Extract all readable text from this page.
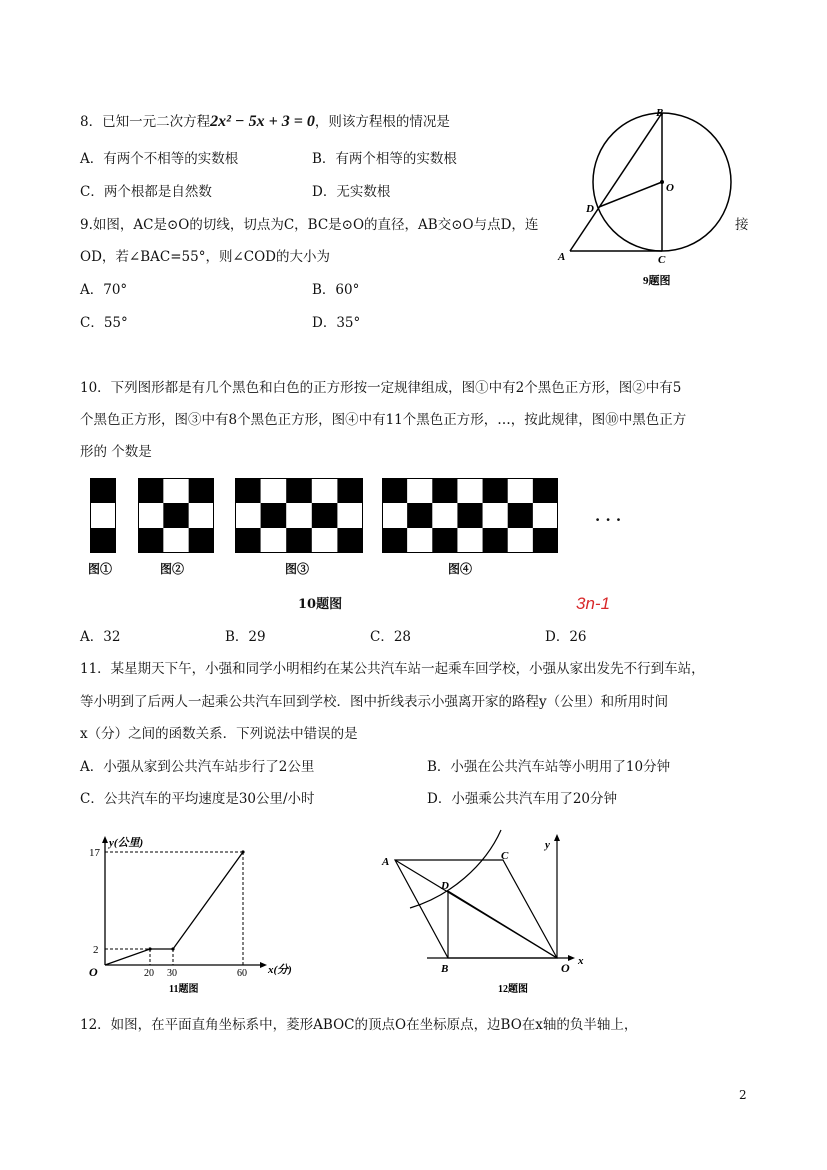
8．已知一元二次方程2x² − 5x + 3 = 0，则该方程根的情况是
A．有两个不相等的实数根	B．有两个相等的实数根
C．两个根都是自然数	D．无实数根
9.如图，AC是⊙O的切线，切点为C，BC是⊙O的直径，AB交⊙O与点D，连	接
OD，若∠BAC=55°，则∠COD的大小为
A．70°	B．60°
C．55°	D．35°
B
O
D
A	C
9题图
10．下列图形都是有几个黑色和白色的正方形按一定规律组成，图①中有2个黑色正方形，图②中有5
个黑色正方形，图③中有8个黑色正方形，图④中有11个黑色正方形，…，按此规律，图⑩中黑色正方
形的 个数是
· · ·
图①	图②	图③	图④
10题图	3n-1
A．32	B．29	C．28	D．26
11．某星期天下午，小强和同学小明相约在某公共汽车站一起乘车回学校，小强从家出发先不行到车站，
等小明到了后两人一起乘公共汽车回到学校．图中折线表示小强离开家的路程y（公里）和所用时间
x（分）之间的函数关系．下列说法中错误的是
A．小强从家到公共汽车站步行了2公里	B．小强在公共汽车站等小明用了10分钟
C．公共汽车的平均速度是30公里/小时	D．小强乘公共汽车用了20分钟
y(公里)
17
2
O	20 30	60 x(分)
11题图
A	C
D
B	O x
y
12题图
12．如图，在平面直角坐标系中，菱形ABOC的顶点O在坐标原点，边BO在x轴的负半轴上，
2
